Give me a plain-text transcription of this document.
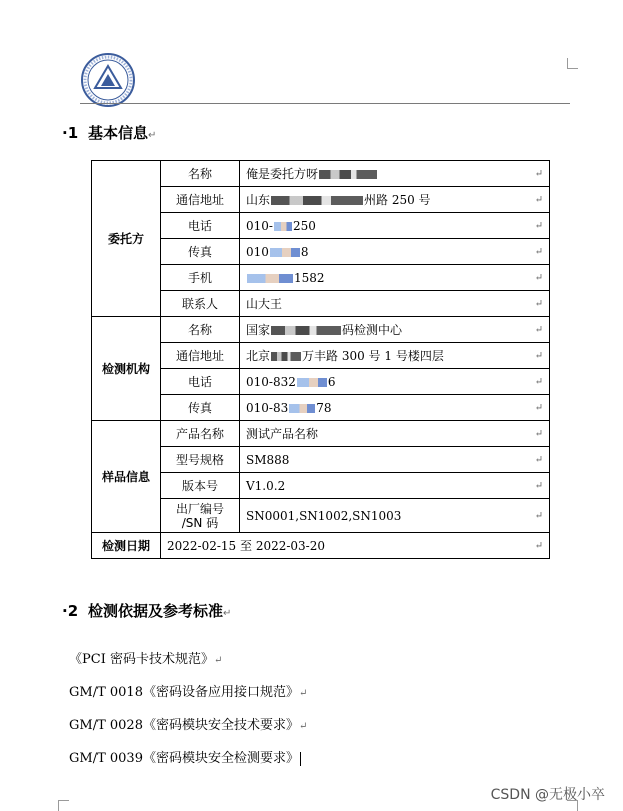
·1 基本信息↵
委托方	名称	俺是委托方呀 ↵

	通信地址	山东 州路 250 号 ↵

	电话	010- 250 ↵

	传真	010 8 ↵

	手机	1582 ↵

	联系人	山大王 ↵

检测机构	名称	国家 码检测中心 ↵

	通信地址	北京 万丰路 300 号 1 号楼四层 ↵

	电话	010-832 6 ↵

	传真	010-83 78 ↵

样品信息	产品名称	测试产品名称 ↵

	型号规格	SM888 ↵

	版本号	V1.0.2 ↵

	出厂编号
/SN 码	SN0001,SN1002,SN1003 ↵

检测日期	2022-02-15 至 2022-03-20 ↵	
·2 检测依据及参考标准↵
《PCI 密码卡技术规范》↵
GM/T 0018《密码设备应用接口规范》↵
GM/T 0028《密码模块安全技术要求》↵
GM/T 0039《密码模块安全检测要求》
CSDN @无极小卒
